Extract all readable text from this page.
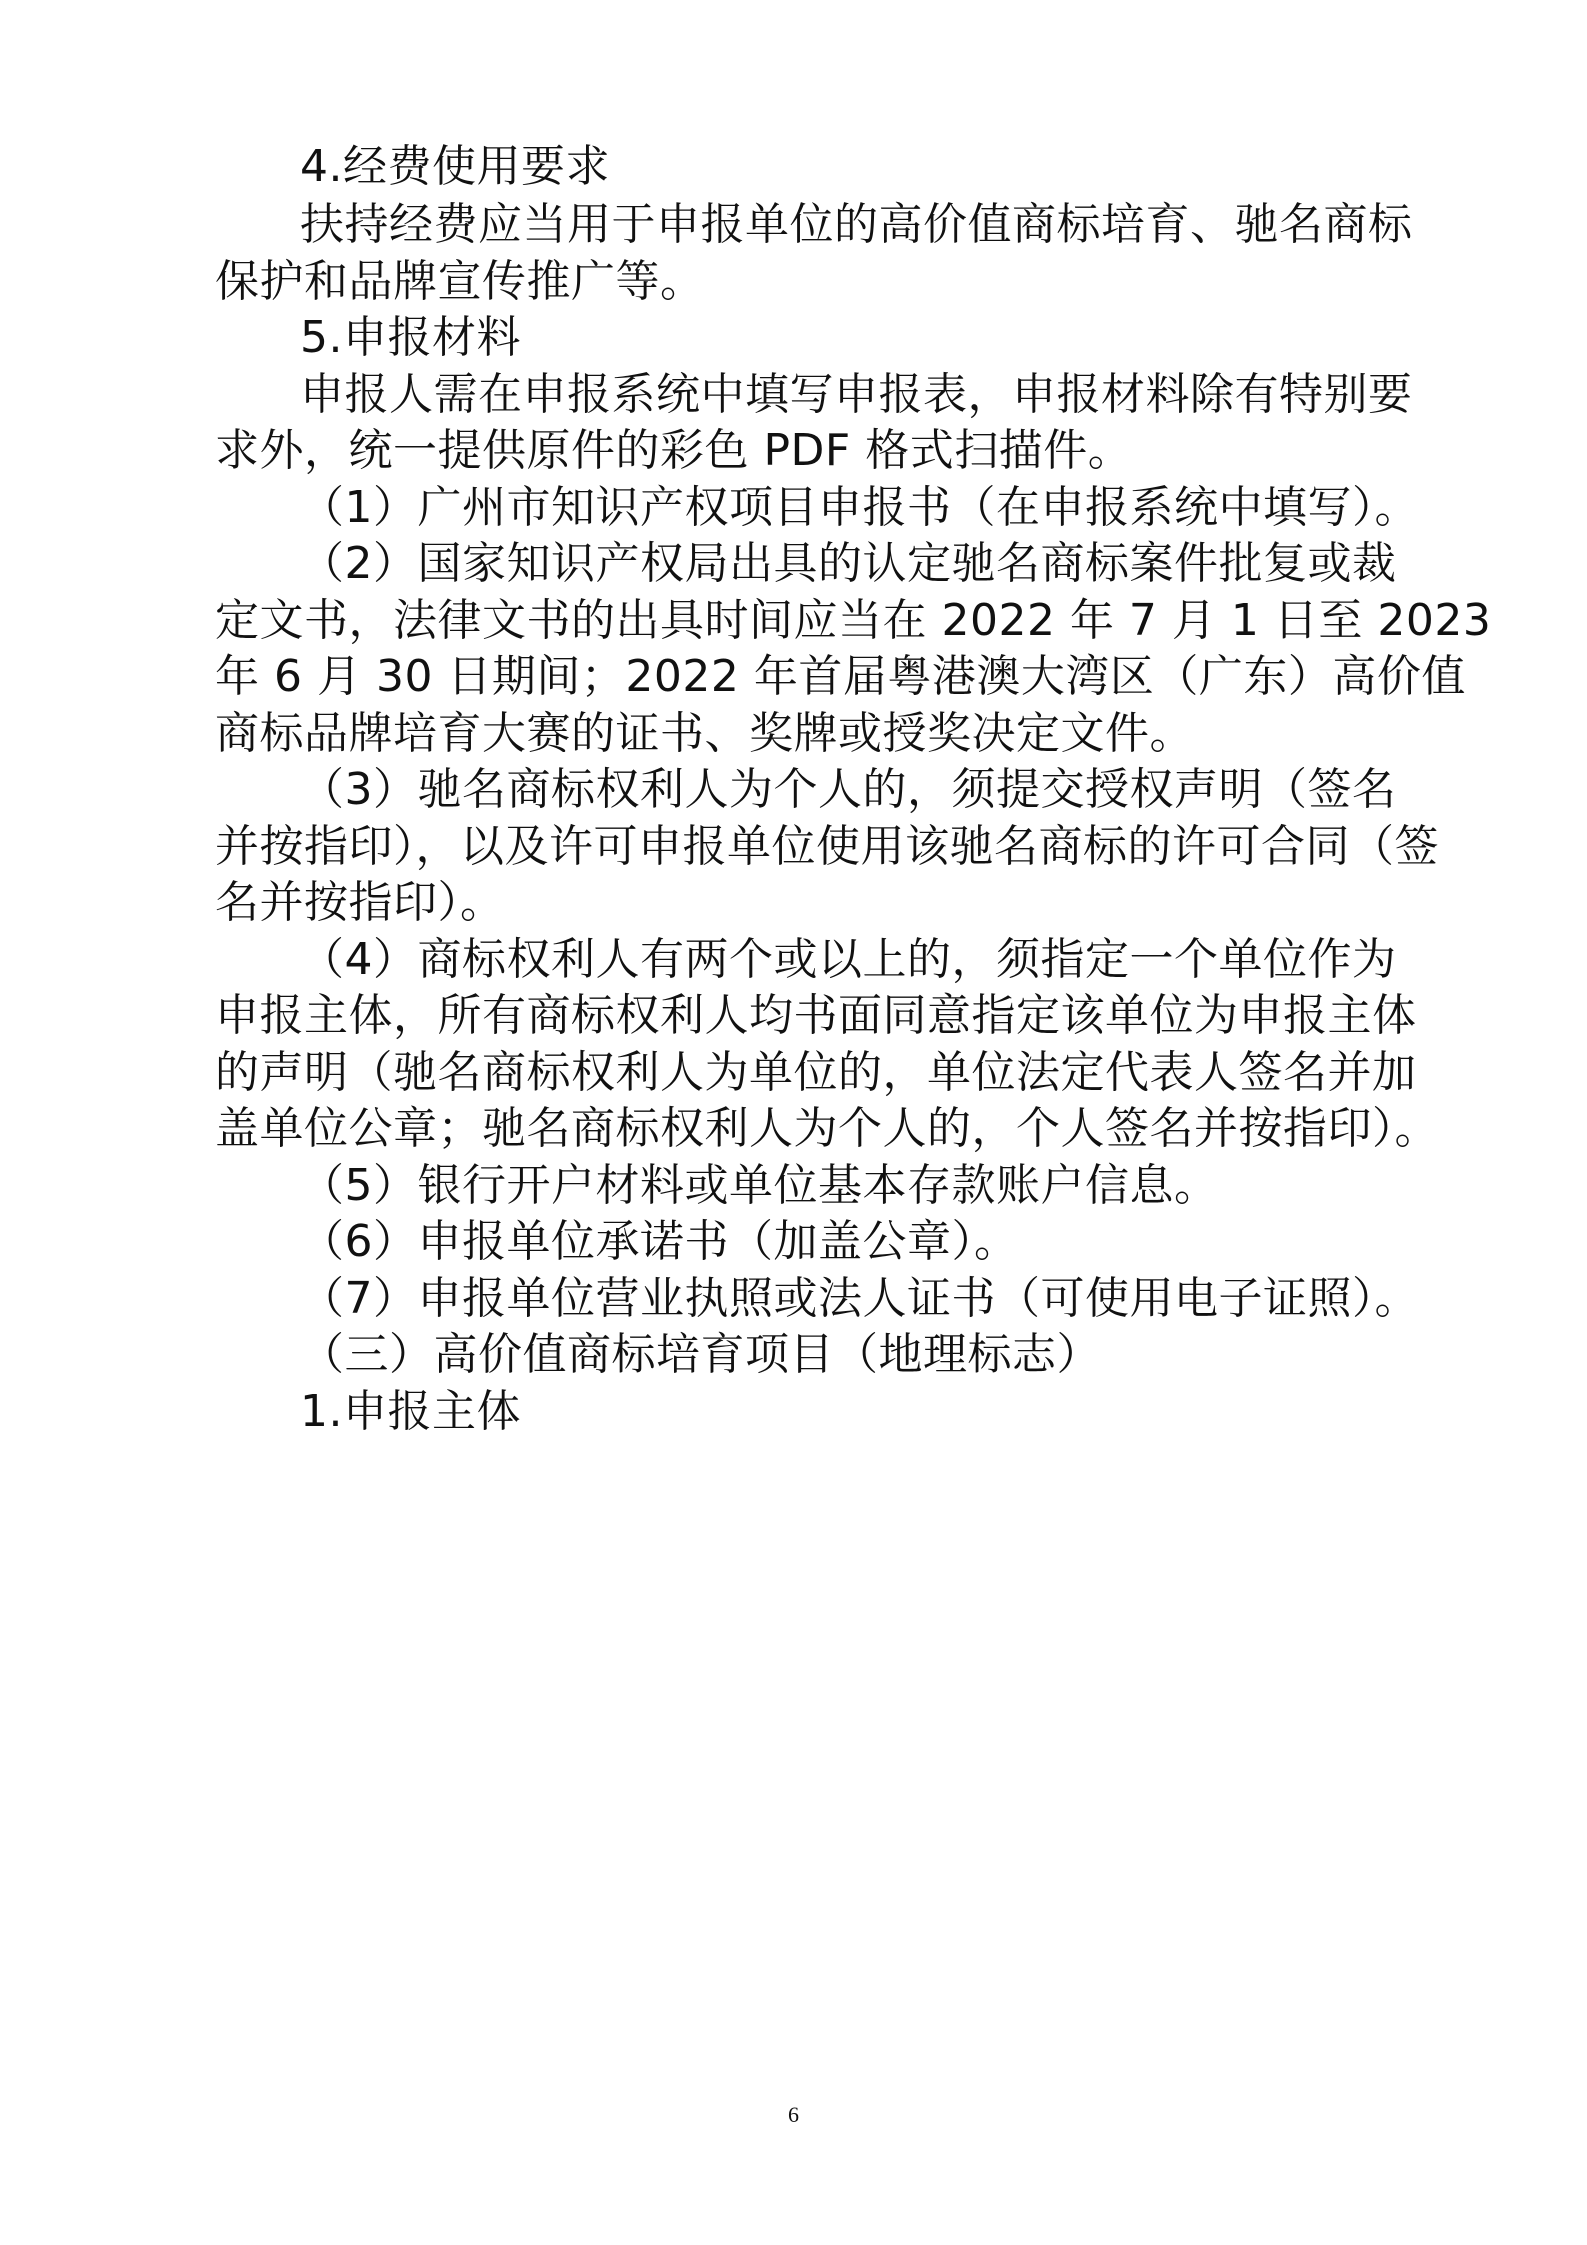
4.经费使用要求
扶持经费应当用于申报单位的高价值商标培育、驰名商标
保护和品牌宣传推广等。
5.申报材料
申报人需在申报系统中填写申报表，申报材料除有特别要
求外，统一提供原件的彩色 PDF 格式扫描件。
（1）广州市知识产权项目申报书（在申报系统中填写）。
（2）国家知识产权局出具的认定驰名商标案件批复或裁
定文书，法律文书的出具时间应当在 2022 年 7 月 1 日至 2023
年 6 月 30 日期间；2022 年首届粤港澳大湾区（广东）高价值
商标品牌培育大赛的证书、奖牌或授奖决定文件。
（3）驰名商标权利人为个人的，须提交授权声明（签名
并按指印），以及许可申报单位使用该驰名商标的许可合同（签
名并按指印）。
（4）商标权利人有两个或以上的，须指定一个单位作为
申报主体，所有商标权利人均书面同意指定该单位为申报主体
的声明（驰名商标权利人为单位的，单位法定代表人签名并加
盖单位公章；驰名商标权利人为个人的，个人签名并按指印）。
（5）银行开户材料或单位基本存款账户信息。
（6）申报单位承诺书（加盖公章）。
（7）申报单位营业执照或法人证书（可使用电子证照）。
（三）高价值商标培育项目（地理标志）
1.申报主体
6
